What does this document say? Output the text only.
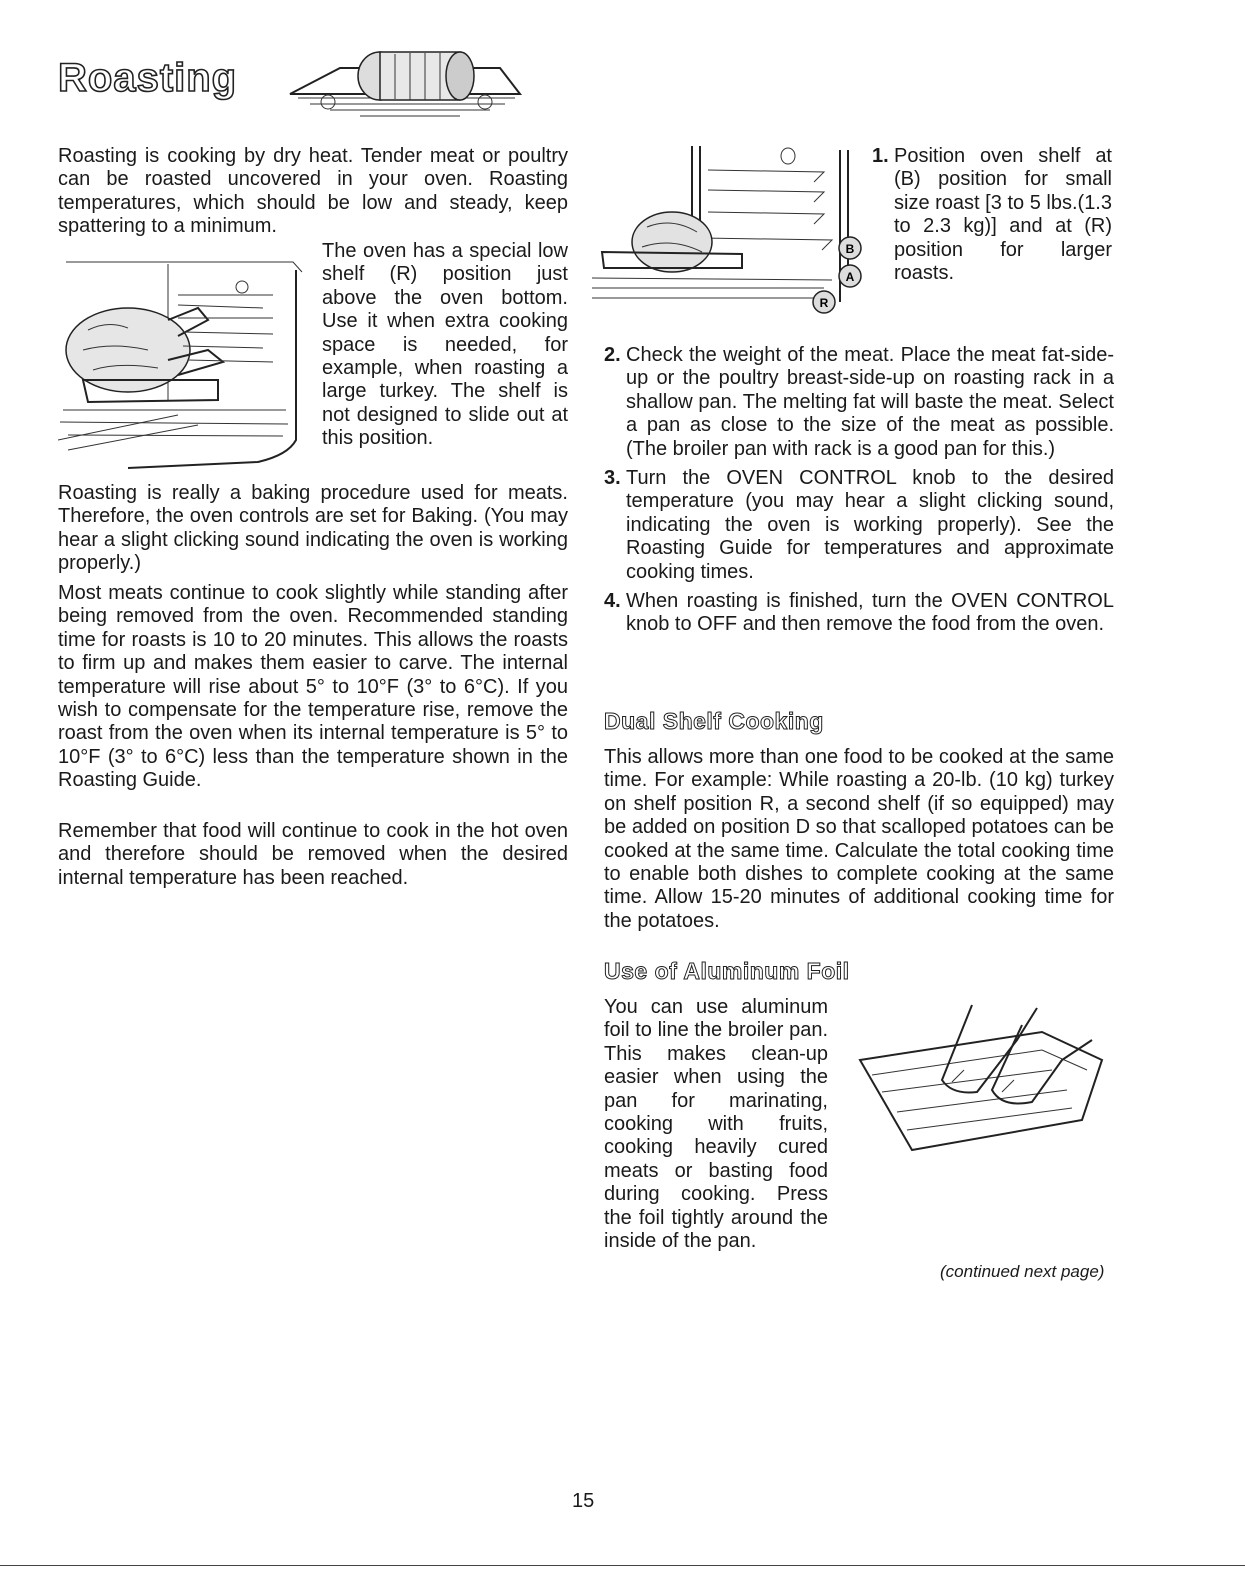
Roasting

Roasting is cooking by dry heat. Tender meat or poultry can be roasted uncovered in your oven. Roasting temperatures, which should be low and steady, keep spattering to a minimum.

The oven has a special low shelf (R) position just above the oven bottom. Use it when extra cooking space is needed, for example, when roasting a large turkey. The shelf is not designed to slide out at this position.

Roasting is really a baking procedure used for meats. Therefore, the oven controls are set for Baking. (You may hear a slight clicking sound indicating the oven is working properly.)

Most meats continue to cook slightly while standing after being removed from the oven. Recommended standing time for roasts is 10 to 20 minutes. This allows the roasts to firm up and makes them easier to carve. The internal temperature will rise about 5° to 10°F (3° to 6°C). If you wish to compensate for the temperature rise, remove the roast from the oven when its internal temperature is 5° to 10°F (3° to 6°C) less than the temperature shown in the Roasting Guide.

Remember that food will continue to cook in the hot oven and therefore should be removed when the desired internal temperature has been reached.

B
A
R
1. Position oven shelf at (B) position for small size roast [3 to 5 lbs.(1.3 to 2.3 kg)] and at (R) position for larger roasts.

2. Check the weight of the meat. Place the meat fat-side-up or the poultry breast-side-up on roasting rack in a shallow pan. The melting fat will baste the meat. Select a pan as close to the size of the meat as possible. (The broiler pan with rack is a good pan for this.)

3. Turn the OVEN CONTROL knob to the desired temperature (you may hear a slight clicking sound, indicating the oven is working properly). See the Roasting Guide for temperatures and approximate cooking times.

4. When roasting is finished, turn the OVEN CONTROL knob to OFF and then remove the food from the oven.

Dual Shelf Cooking

This allows more than one food to be cooked at the same time. For example: While roasting a 20-lb. (10 kg) turkey on shelf position R, a second shelf (if so equipped) may be added on position D so that scalloped potatoes can be cooked at the same time. Calculate the total cooking time to enable both dishes to complete cooking at the same time. Allow 15-20 minutes of additional cooking time for the potatoes.

Use of Aluminum Foil

You can use aluminum foil to line the broiler pan. This makes clean-up easier when using the pan for marinating, cooking with fruits, cooking heavily cured meats or basting food during cooking. Press the foil tightly around the inside of the pan.

(continued next page)
15
